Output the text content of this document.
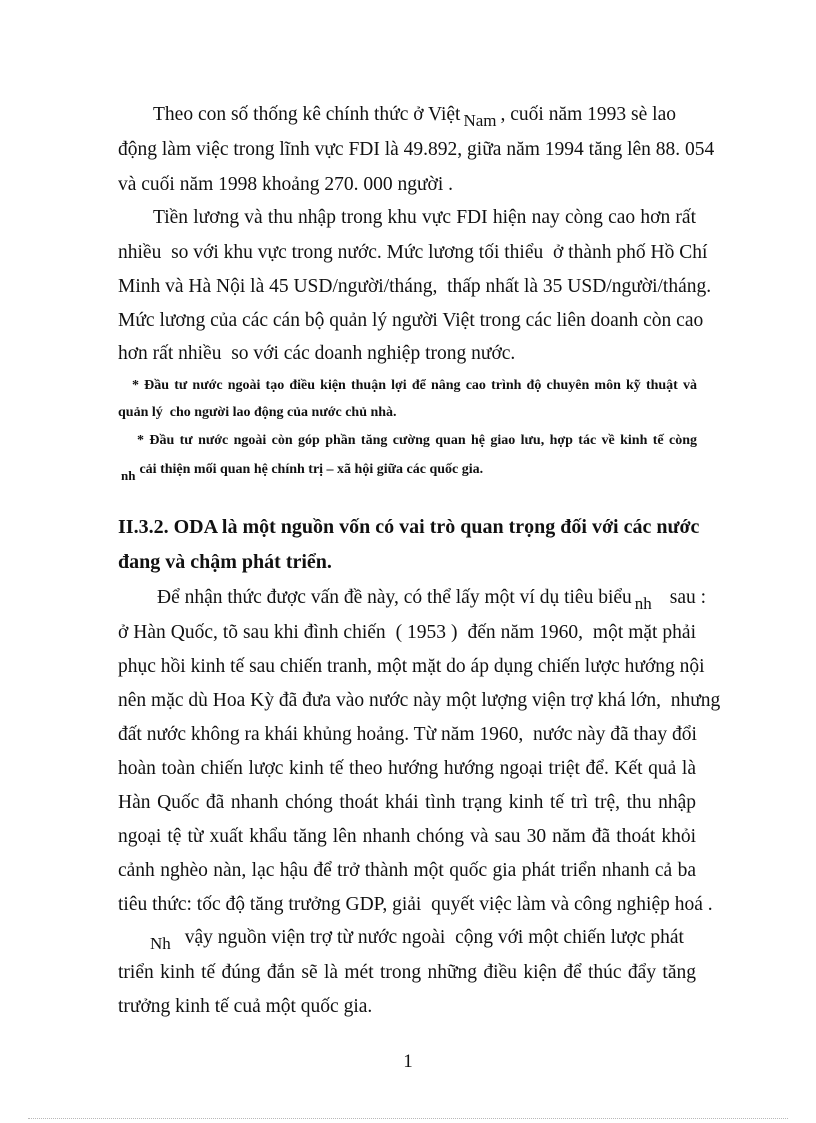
Theo con số thống kê chính thức ở Việt Nam , cuối năm 1993 sè lao
động làm việc trong lĩnh vực FDI là 49.892, giữa năm 1994 tăng lên 88. 054
và cuối năm 1998 khoảng 270. 000 người .
Tiền lương và thu nhập trong khu vực FDI hiện nay còng cao hơn rất
nhiều  so với khu vực trong nước. Mức lương tối thiểu  ở thành phố Hồ Chí
Minh và Hà Nội là 45 USD/người/tháng,  thấp nhất là 35 USD/người/tháng.
Mức lương của các cán bộ quản lý người Việt trong các liên doanh còn cao
hơn rất nhiều  so với các doanh nghiệp trong nước.
* Đầu tư nước ngoài tạo điều kiện thuận lợi để nâng cao trình độ chuyên môn kỹ thuật và
quản lý  cho người lao động của nước chủ nhà.
* Đầu tư nước ngoài còn góp phần tăng cường quan hệ giao lưu, hợp tác về kinh tế còng
nh cải thiện mối quan hệ chính trị – xã hội giữa các quốc gia.
II.3.2. ODA là một nguồn vốn có vai trò quan trọng đối với các nước
đang và chậm phát triển.
Để nhận thức được vấn đề này, có thể lấy một ví dụ tiêu biểu nh sau :
ở Hàn Quốc, tõ sau khi đình chiến  ( 1953 )  đến năm 1960,  một mặt phải
phục hồi kinh tế sau chiến tranh, một mặt do áp dụng chiến lược hướng nội
nên mặc dù Hoa Kỳ đã đưa vào nước này một lượng viện trợ khá lớn,  nhưng
đất nước không ra khái khủng hoảng. Từ năm 1960,  nước này đã thay đổi
hoàn toàn chiến lược kinh tế theo hướng hướng ngoại triệt để. Kết quả là
Hàn Quốc đã nhanh chóng thoát khái tình trạng kinh tế trì trệ, thu nhập
ngoại tệ từ xuất khẩu tăng lên nhanh chóng và sau 30 năm đã thoát khỏi
cảnh nghèo nàn, lạc hậu để trở thành một quốc gia phát triển nhanh cả ba
tiêu thức: tốc độ tăng trưởng GDP, giải  quyết việc làm và công nghiệp hoá .
Nh vậy nguồn viện trợ từ nước ngoài  cộng với một chiến lược phát
triển kinh tế đúng đắn sẽ là mét trong những điều kiện để thúc đẩy tăng
trưởng kinh tế cuả một quốc gia.
1
